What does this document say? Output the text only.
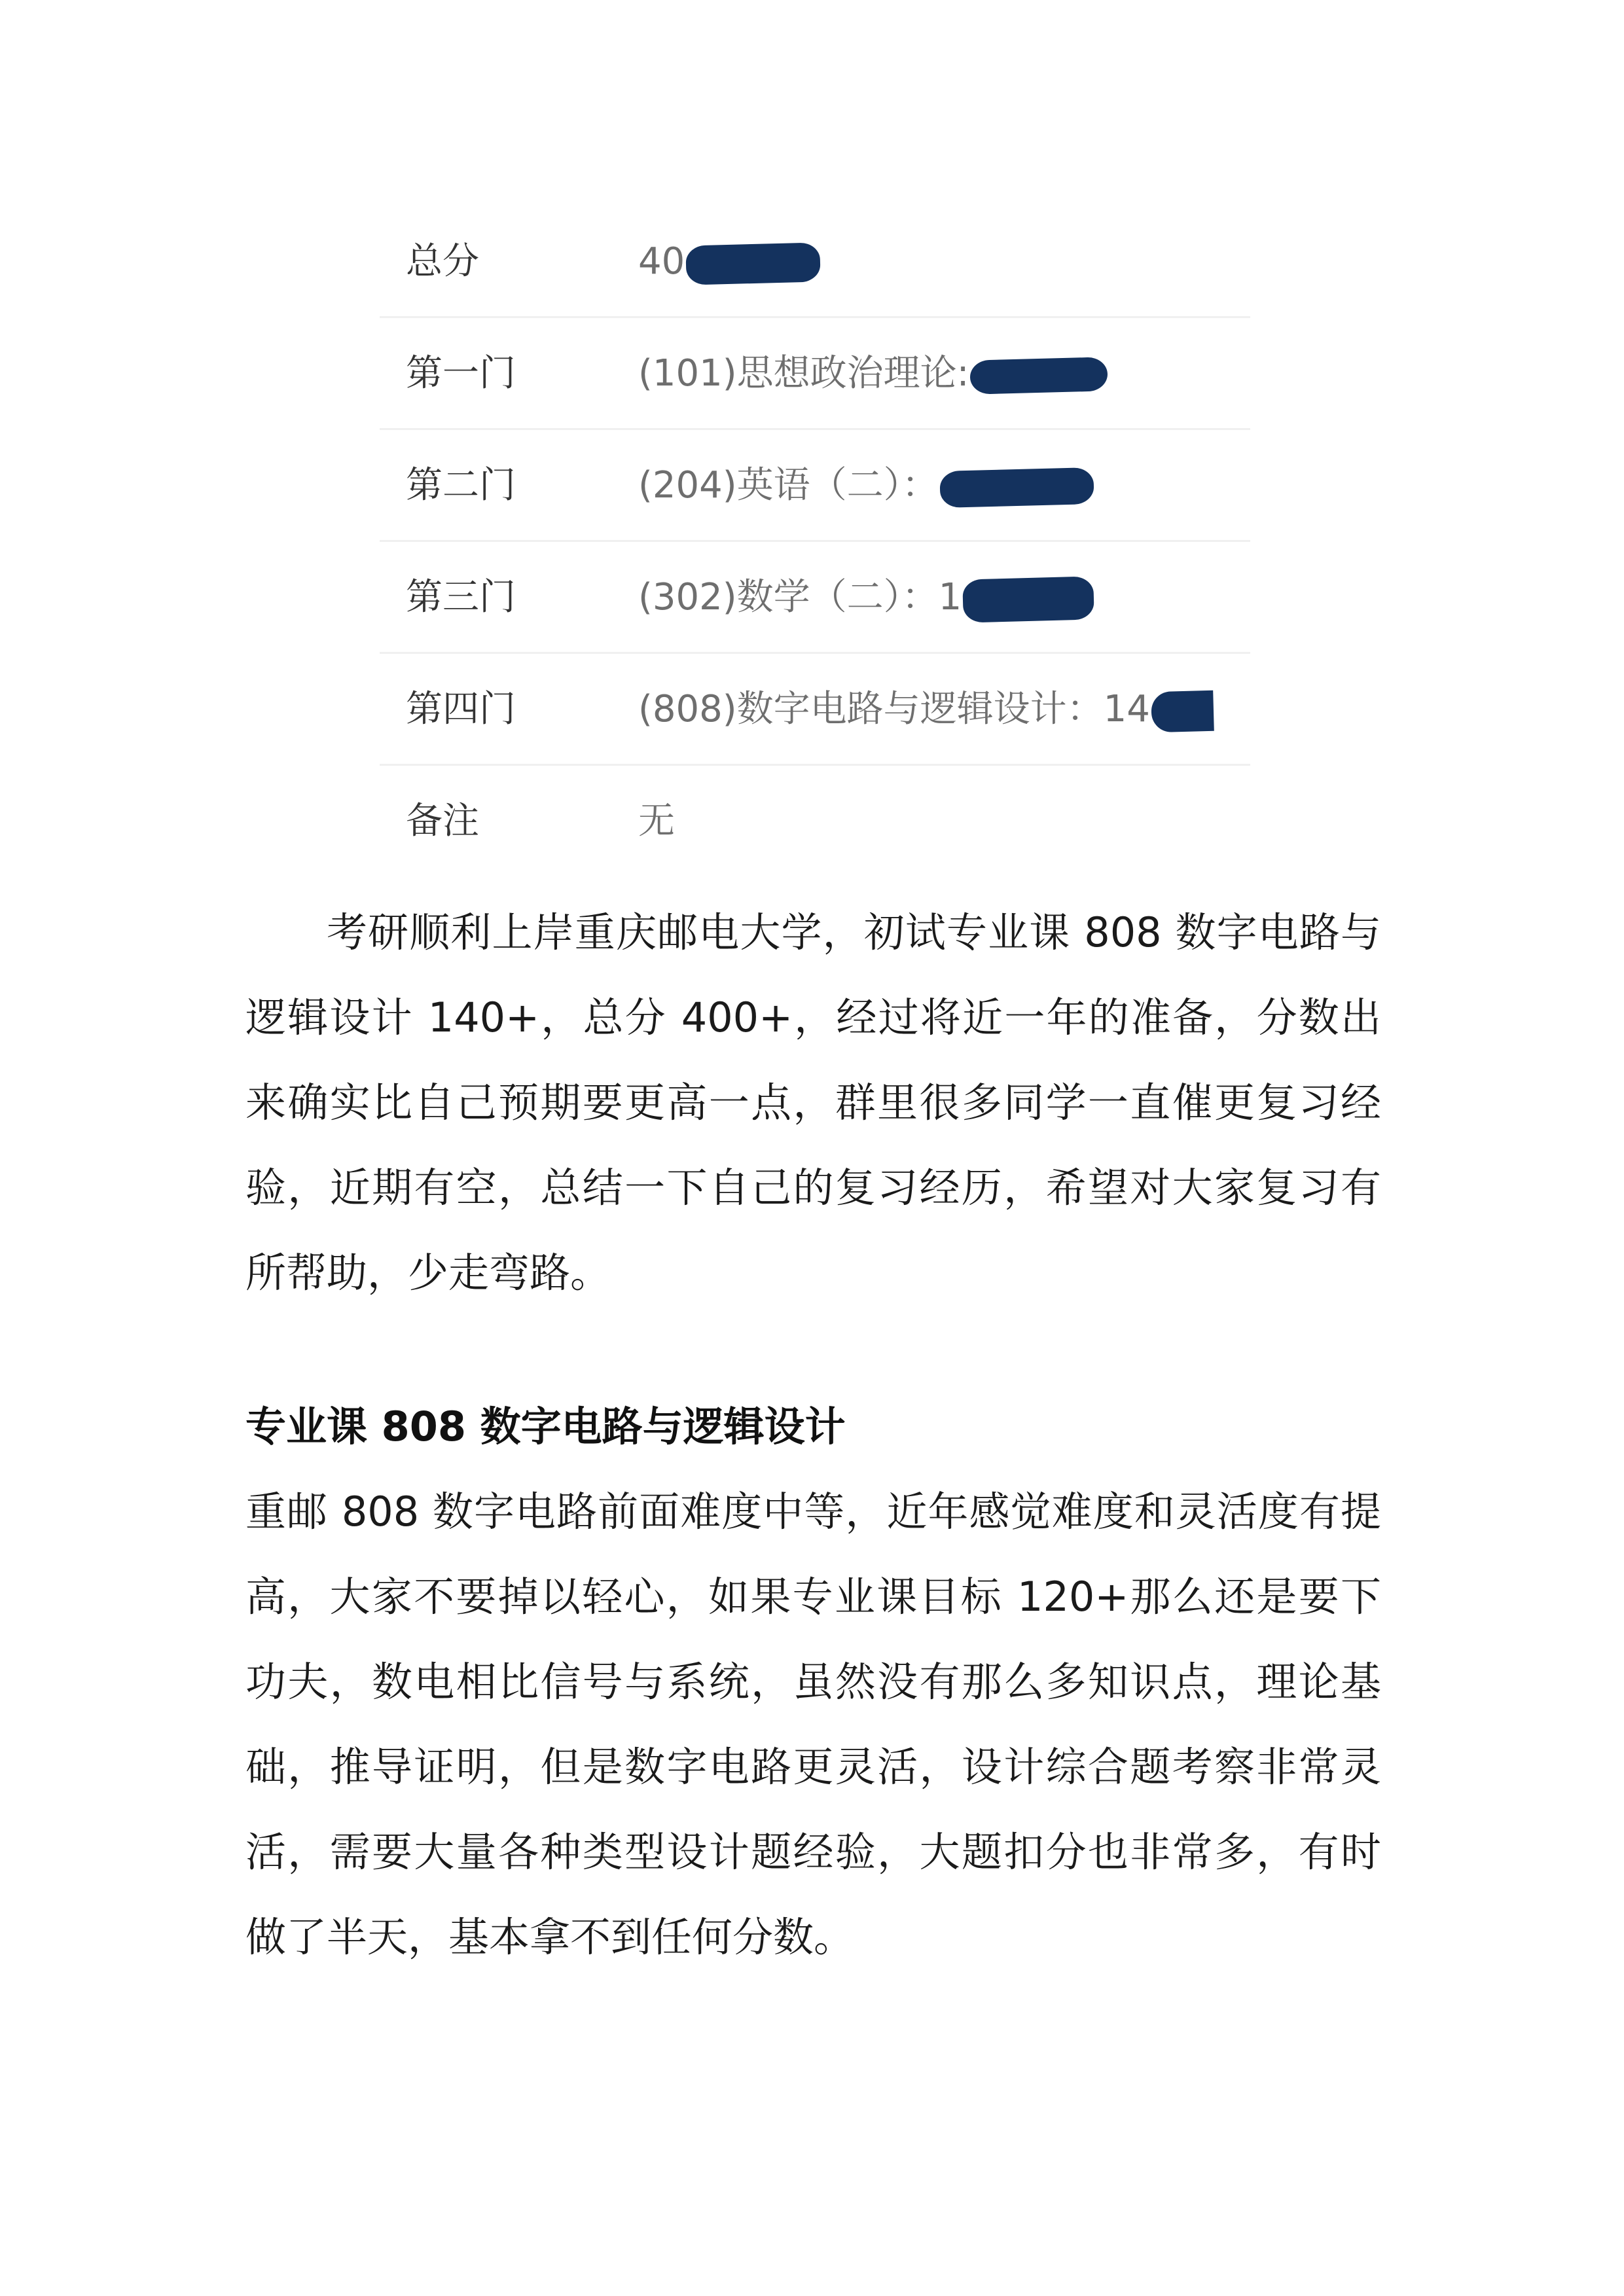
总分	40
第一门	(101)思想政治理论:
第二门	(204)英语（二）：
第三门	(302)数学（二）：1
第四门	(808)数字电路与逻辑设计：14
备注	无

考研顺利上岸重庆邮电大学，初试专业课 808 数字电路与逻辑设计 140+，总分 400+，经过将近一年的准备，分数出来确实比自己预期要更高一点，群里很多同学一直催更复习经验，近期有空，总结一下自己的复习经历，希望对大家复习有所帮助，少走弯路。

专业课 808 数字电路与逻辑设计

重邮 808 数字电路前面难度中等，近年感觉难度和灵活度有提高，大家不要掉以轻心，如果专业课目标 120+那么还是要下功夫，数电相比信号与系统，虽然没有那么多知识点，理论基础，推导证明，但是数字电路更灵活，设计综合题考察非常灵活，需要大量各种类型设计题经验，大题扣分也非常多，有时做了半天，基本拿不到任何分数。
